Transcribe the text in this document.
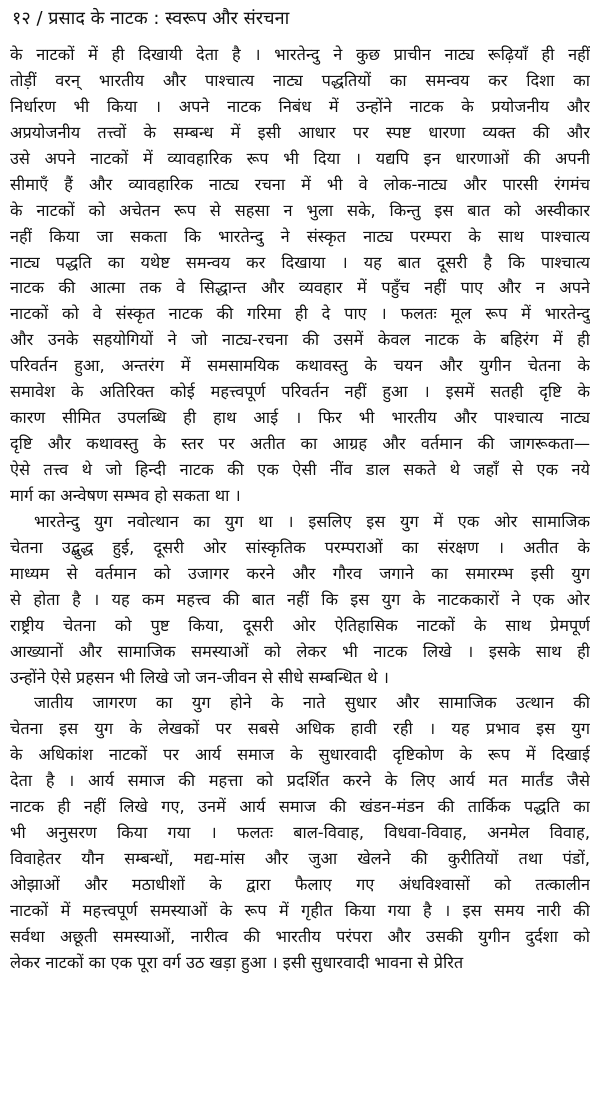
१२ / प्रसाद के नाटक : स्वरूप और संरचना
के नाटकों में ही दिखायी देता है । भारतेन्दु ने कुछ प्राचीन नाट्य रूढ़ियाँ ही नहीं
तोड़ीं वरन् भारतीय और पाश्चात्य नाट्य पद्धतियों का समन्वय कर दिशा का
निर्धारण भी किया । अपने नाटक निबंध में उन्होंने नाटक के प्रयोजनीय और
अप्रयोजनीय तत्त्वों के सम्बन्ध में इसी आधार पर स्पष्ट धारणा व्यक्त की और
उसे अपने नाटकों में व्यावहारिक रूप भी दिया । यद्यपि इन धारणाओं की अपनी
सीमाएँ हैं और व्यावहारिक नाट्य रचना में भी वे लोक-नाट्य और पारसी रंगमंच
के नाटकों को अचेतन रूप से सहसा न भुला सके, किन्तु इस बात को अस्वीकार
नहीं किया जा सकता कि भारतेन्दु ने संस्कृत नाट्य परम्परा के साथ पाश्चात्य
नाट्य पद्धति का यथेष्ट समन्वय कर दिखाया । यह बात दूसरी है कि पाश्चात्य
नाटक की आत्मा तक वे सिद्धान्त और व्यवहार में पहुँच नहीं पाए और न अपने
नाटकों को वे संस्कृत नाटक की गरिमा ही दे पाए । फलतः मूल रूप में भारतेन्दु
और उनके सहयोगियों ने जो नाट्य-रचना की उसमें केवल नाटक के बहिरंग में ही
परिवर्तन हुआ, अन्तरंग में समसामयिक कथावस्तु के चयन और युगीन चेतना के
समावेश के अतिरिक्त कोई महत्त्वपूर्ण परिवर्तन नहीं हुआ । इसमें सतही दृष्टि के
कारण सीमित उपलब्धि ही हाथ आई । फिर भी भारतीय और पाश्चात्य नाट्य
दृष्टि और कथावस्तु के स्तर पर अतीत का आग्रह और वर्तमान की जागरूकता—
ऐसे तत्त्व थे जो हिन्दी नाटक की एक ऐसी नींव डाल सकते थे जहाँ से एक नये
मार्ग का अन्वेषण सम्भव हो सकता था ।
भारतेन्दु युग नवोत्थान का युग था । इसलिए इस युग में एक ओर सामाजिक
चेतना उद्बुद्ध हुई, दूसरी ओर सांस्कृतिक परम्पराओं का संरक्षण । अतीत के
माध्यम से वर्तमान को उजागर करने और गौरव जगाने का समारम्भ इसी युग
से होता है । यह कम महत्त्व की बात नहीं कि इस युग के नाटककारों ने एक ओर
राष्ट्रीय चेतना को पुष्ट किया, दूसरी ओर ऐतिहासिक नाटकों के साथ प्रेमपूर्ण
आख्यानों और सामाजिक समस्याओं को लेकर भी नाटक लिखे । इसके साथ ही
उन्होंने ऐसे प्रहसन भी लिखे जो जन-जीवन से सीधे सम्बन्धित थे ।
जातीय जागरण का युग होने के नाते सुधार और सामाजिक उत्थान की
चेतना इस युग के लेखकों पर सबसे अधिक हावी रही । यह प्रभाव इस युग
के अधिकांश नाटकों पर आर्य समाज के सुधारवादी दृष्टिकोण के रूप में दिखाई
देता है । आर्य समाज की महत्ता को प्रदर्शित करने के लिए आर्य मत मार्तंड जैसे
नाटक ही नहीं लिखे गए, उनमें आर्य समाज की खंडन-मंडन की तार्किक पद्धति का
भी अनुसरण किया गया । फलतः बाल-विवाह, विधवा-विवाह, अनमेल विवाह,
विवाहेतर यौन सम्बन्धों, मद्य-मांस और जुआ खेलने की कुरीतियों तथा पंडों,
ओझाओं और मठाधीशों के द्वारा फैलाए गए अंधविश्वासों को तत्कालीन
नाटकों में महत्त्वपूर्ण समस्याओं के रूप में गृहीत किया गया है । इस समय नारी की
सर्वथा अछूती समस्याओं, नारीत्व की भारतीय परंपरा और उसकी युगीन दुर्दशा को
लेकर नाटकों का एक पूरा वर्ग उठ खड़ा हुआ । इसी सुधारवादी भावना से प्रेरित
